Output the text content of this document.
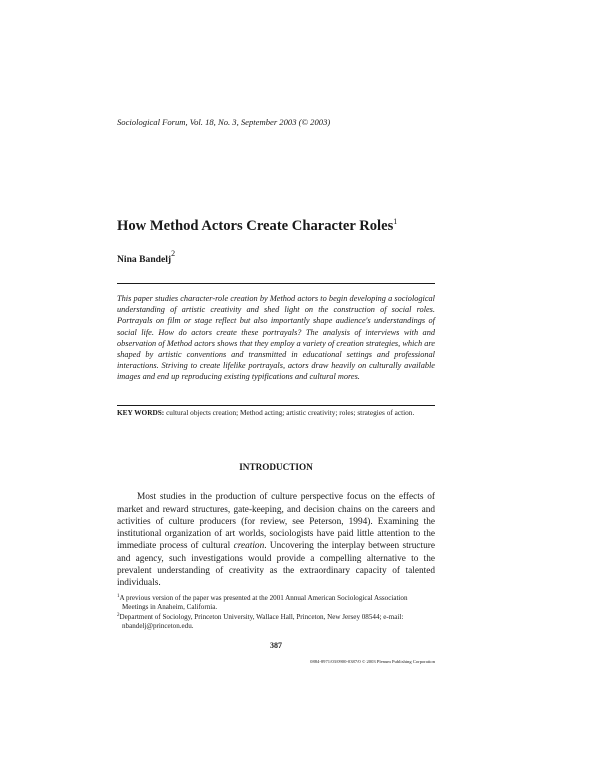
Sociological Forum, Vol. 18, No. 3, September 2003 (© 2003)
How Method Actors Create Character Roles$^1$
Nina Bandelj$^2$
This paper studies character-role creation by Method actors to begin developing a sociological understanding of artistic creativity and shed light on the construction of social roles. Portrayals on film or stage reflect but also importantly shape audience's understandings of social life. How do actors create these portrayals? The analysis of interviews with and observation of Method actors shows that they employ a variety of creation strategies, which are shaped by artistic conventions and transmitted in educational settings and professional interactions. Striving to create lifelike portrayals, actors draw heavily on culturally available images and end up reproducing existing typifications and cultural mores.
KEY WORDS: cultural objects creation; Method acting; artistic creativity; roles; strategies of action.
INTRODUCTION

Most studies in the production of culture perspective focus on the effects of market and reward structures, gate-keeping, and decision chains on the careers and activities of culture producers (for review, see Peterson, 1994). Examining the institutional organization of art worlds, sociologists have paid little attention to the immediate process of cultural creation. Uncovering the interplay between structure and agency, such investigations would provide a compelling alternative to the prevalent understanding of creativity as the extraordinary capacity of talented individuals.

$^1$A previous version of the paper was presented at the 2001 Annual American Sociological Association Meetings in Anaheim, California.

$^2$Department of Sociology, Princeton University, Wallace Hall, Princeton, New Jersey 08544; e-mail: nbandelj@princeton.edu.

387
0884-8971/03/0900-0387/0 © 2003 Plenum Publishing Corporation
